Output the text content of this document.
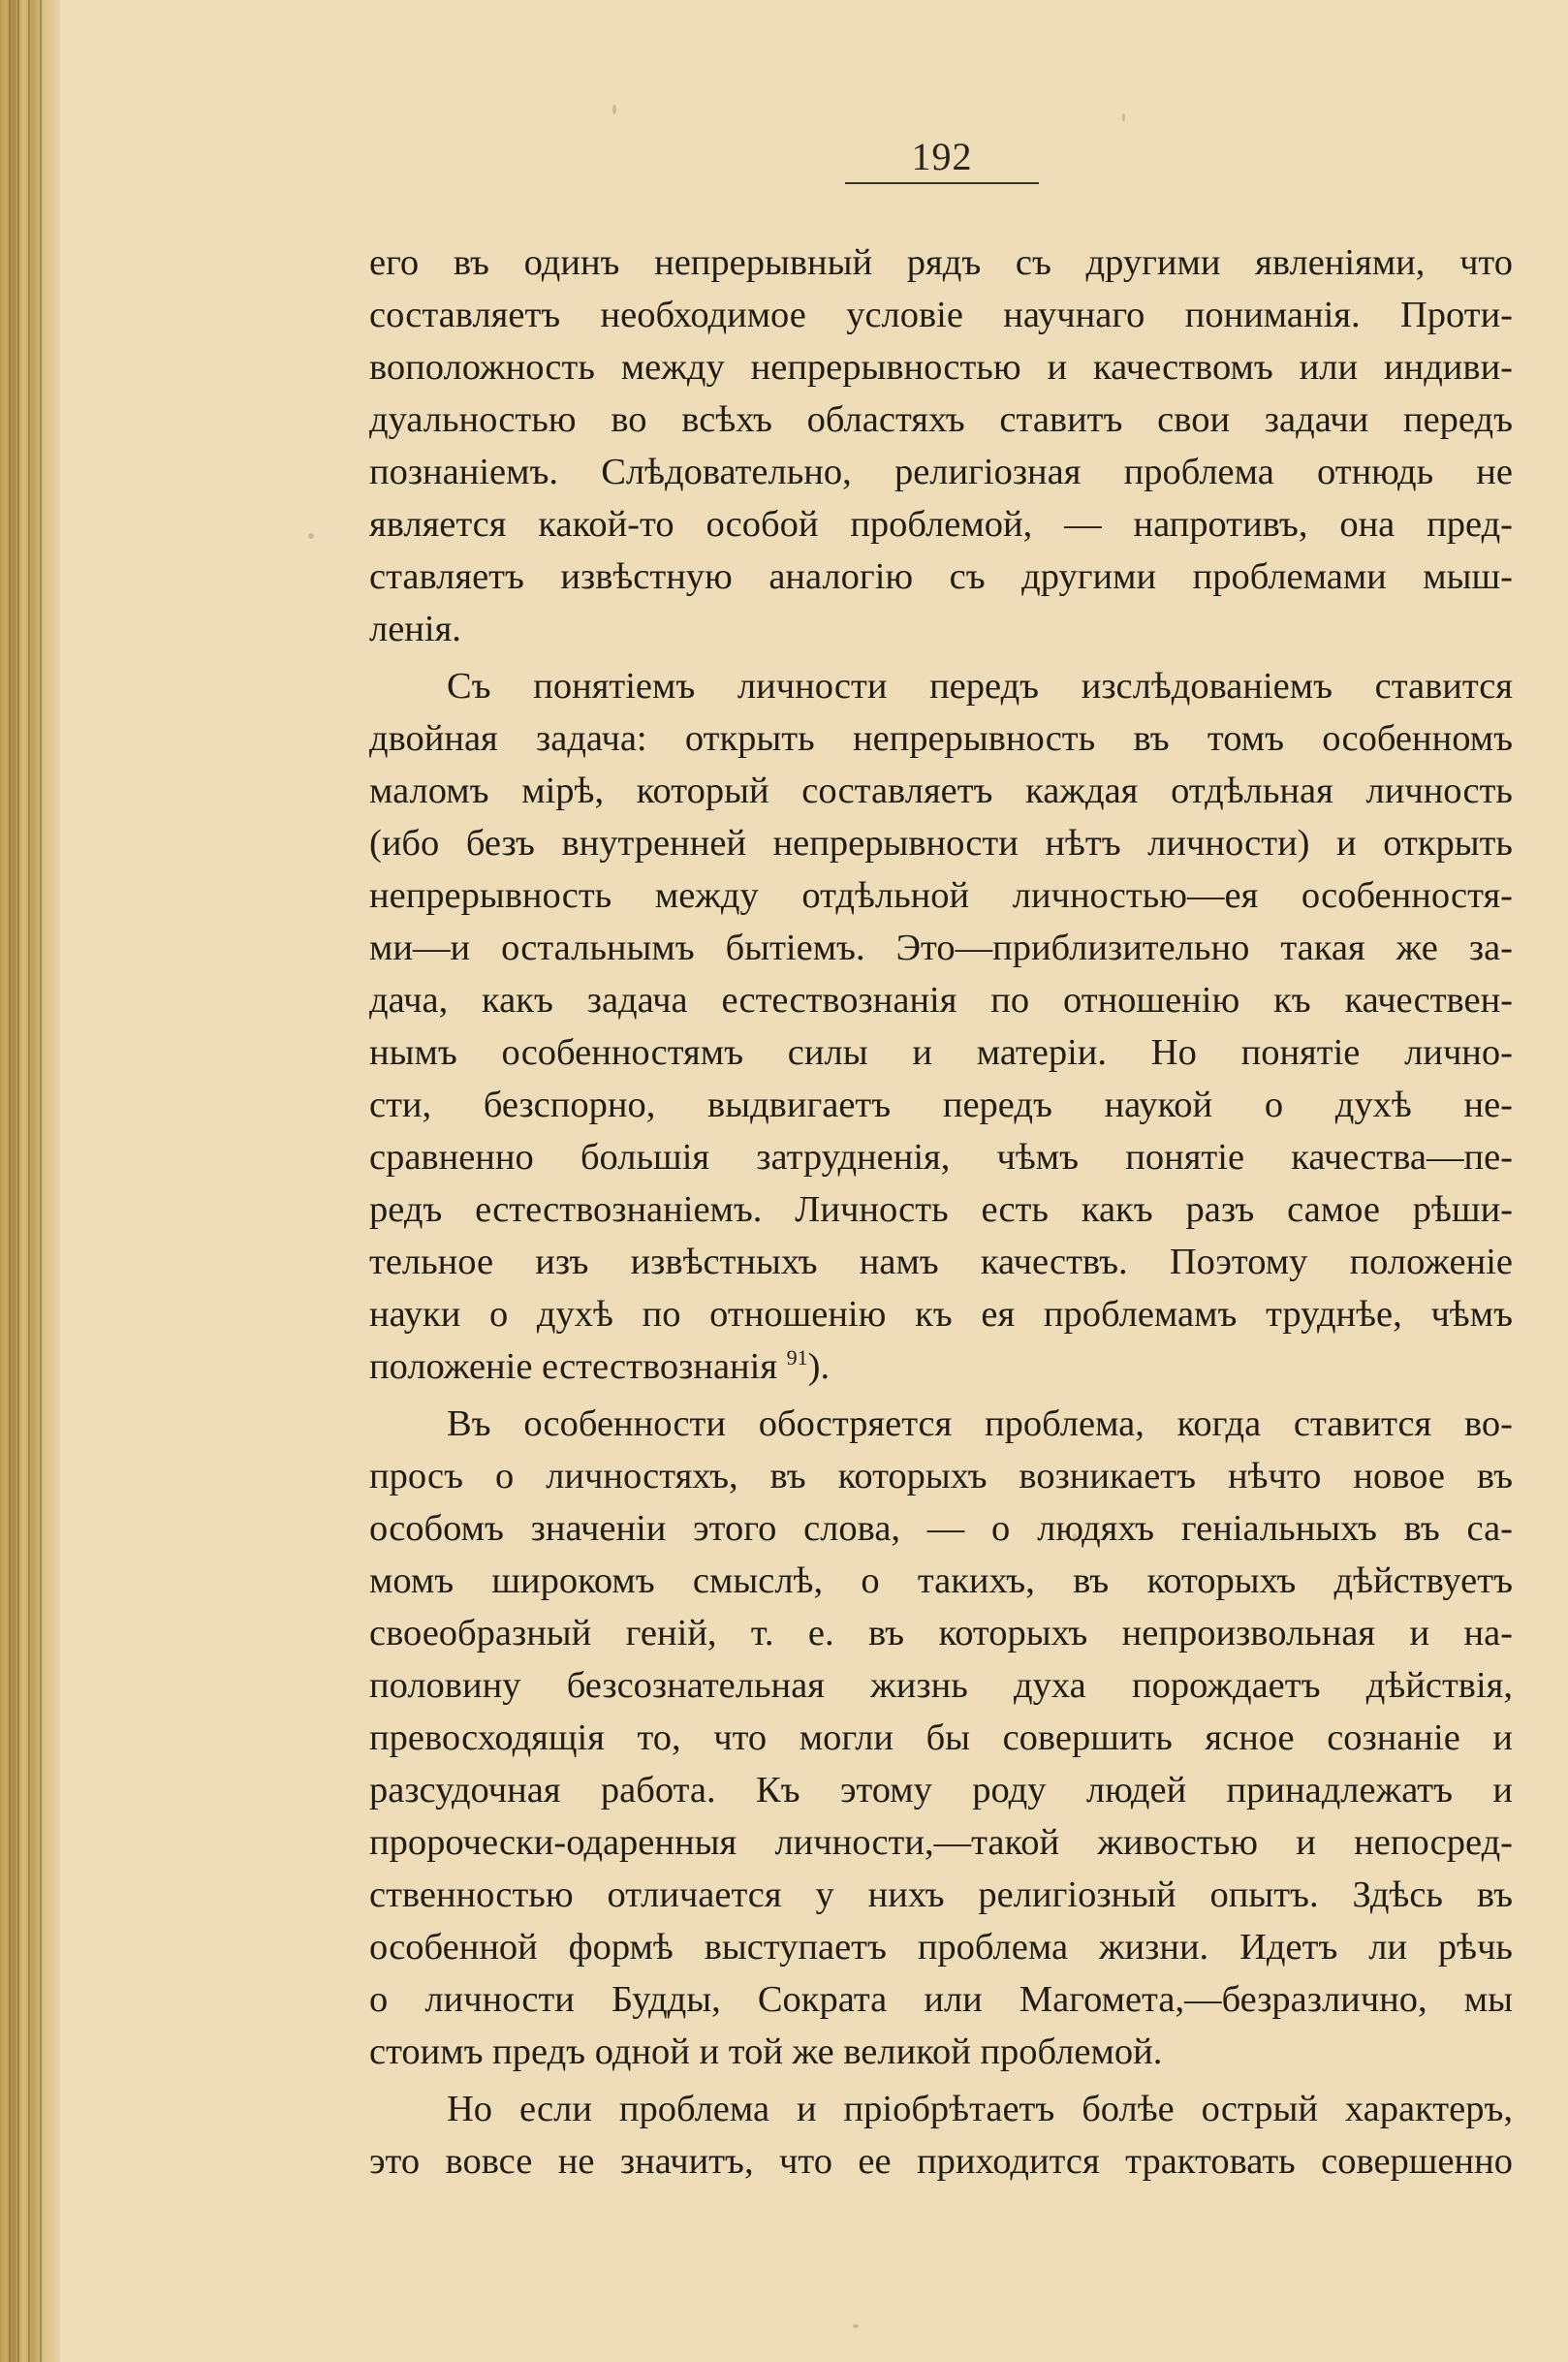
192
его въ одинъ непрерывный рядъ съ другими явленіями, что
составляетъ необходимое условіе научнаго пониманія. Проти-
воположность между непрерывностью и качествомъ или индиви-
дуальностью во всѣхъ областяхъ ставитъ свои задачи передъ
познаніемъ. Слѣдовательно, религіозная проблема отнюдь не
является какой-то особой проблемой, — напротивъ, она пред-
ставляетъ извѣстную аналогію съ другими проблемами мыш-
ленія.
Съ понятіемъ личности передъ изслѣдованіемъ ставится
двойная задача: открыть непрерывность въ томъ особенномъ
маломъ мірѣ, который составляетъ каждая отдѣльная личность
(ибо безъ внутренней непрерывности нѣтъ личности) и открыть
непрерывность между отдѣльной личностью—ея особенностя-
ми—и остальнымъ бытіемъ. Это—приблизительно такая же за-
дача, какъ задача естествознанія по отношенію къ качествен-
нымъ особенностямъ силы и матеріи. Но понятіе лично-
сти, безспорно, выдвигаетъ передъ наукой о духѣ не-
сравненно большія затрудненія, чѣмъ понятіе качества—пе-
редъ естествознаніемъ. Личность есть какъ разъ самое рѣши-
тельное изъ извѣстныхъ намъ качествъ. Поэтому положеніе
науки о духѣ по отношенію къ ея проблемамъ труднѣе, чѣмъ
положеніе естествознанія $^{91}$).
Въ особенности обостряется проблема, когда ставится во-
просъ о личностяхъ, въ которыхъ возникаетъ нѣчто новое въ
особомъ значеніи этого слова, — о людяхъ геніальныхъ въ са-
момъ широкомъ смыслѣ, о такихъ, въ которыхъ дѣйствуетъ
своеобразный геній, т. е. въ которыхъ непроизвольная и на-
половину безсознательная жизнь духа порождаетъ дѣйствія,
превосходящія то, что могли бы совершить ясное сознаніе и
разсудочная работа. Къ этому роду людей принадлежатъ и
пророчески-одаренныя личности,—такой живостью и непосред-
ственностью отличается у нихъ религіозный опытъ. Здѣсь въ
особенной формѣ выступаетъ проблема жизни. Идетъ ли рѣчь
о личности Будды, Сократа или Магомета,—безразлично, мы
стоимъ предъ одной и той же великой проблемой.
Но если проблема и пріобрѣтаетъ болѣе острый характеръ,
это вовсе не значитъ, что ее приходится трактовать совершенно
